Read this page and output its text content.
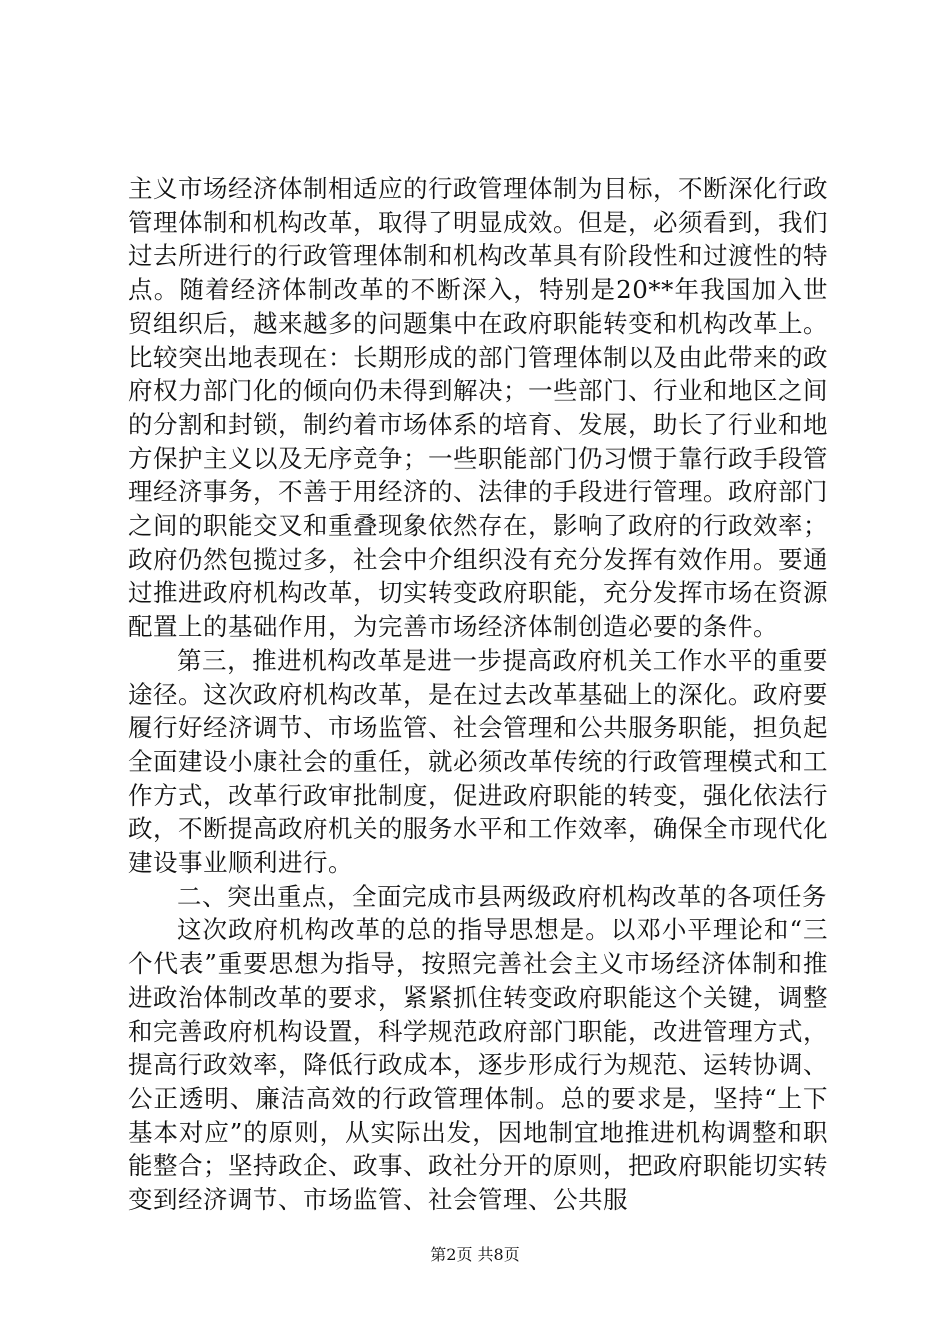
主义市场经济体制相适应的行政管理体制为目标，不断深化行政管理体制和机构改革，取得了明显成效。但是，必须看到，我们过去所进行的行政管理体制和机构改革具有阶段性和过渡性的特点。随着经济体制改革的不断深入，特别是20**年我国加入世贸组织后，越来越多的问题集中在政府职能转变和机构改革上。比较突出地表现在：长期形成的部门管理体制以及由此带来的政府权力部门化的倾向仍未得到解决；一些部门、行业和地区之间的分割和封锁，制约着市场体系的培育、发展，助长了行业和地方保护主义以及无序竞争；一些职能部门仍习惯于靠行政手段管理经济事务，不善于用经济的、法律的手段进行管理。政府部门之间的职能交叉和重叠现象依然存在，影响了政府的行政效率；政府仍然包揽过多，社会中介组织没有充分发挥有效作用。要通过推进政府机构改革，切实转变政府职能，充分发挥市场在资源配置上的基础作用，为完善市场经济体制创造必要的条件。

第三，推进机构改革是进一步提高政府机关工作水平的重要途径。这次政府机构改革，是在过去改革基础上的深化。政府要履行好经济调节、市场监管、社会管理和公共服务职能，担负起全面建设小康社会的重任，就必须改革传统的行政管理模式和工作方式，改革行政审批制度，促进政府职能的转变，强化依法行政，不断提高政府机关的服务水平和工作效率，确保全市现代化建设事业顺利进行。

二、突出重点，全面完成市县两级政府机构改革的各项任务

这次政府机构改革的总的指导思想是。以邓小平理论和“三个代表”重要思想为指导，按照完善社会主义市场经济体制和推进政治体制改革的要求，紧紧抓住转变政府职能这个关键，调整和完善政府机构设置，科学规范政府部门职能，改进管理方式，提高行政效率，降低行政成本，逐步形成行为规范、运转协调、公正透明、廉洁高效的行政管理体制。总的要求是，坚持“上下基本对应”的原则，从实际出发，因地制宜地推进机构调整和职能整合；坚持政企、政事、政社分开的原则，把政府职能切实转变到经济调节、市场监管、社会管理、公共服

第2页 共8页
